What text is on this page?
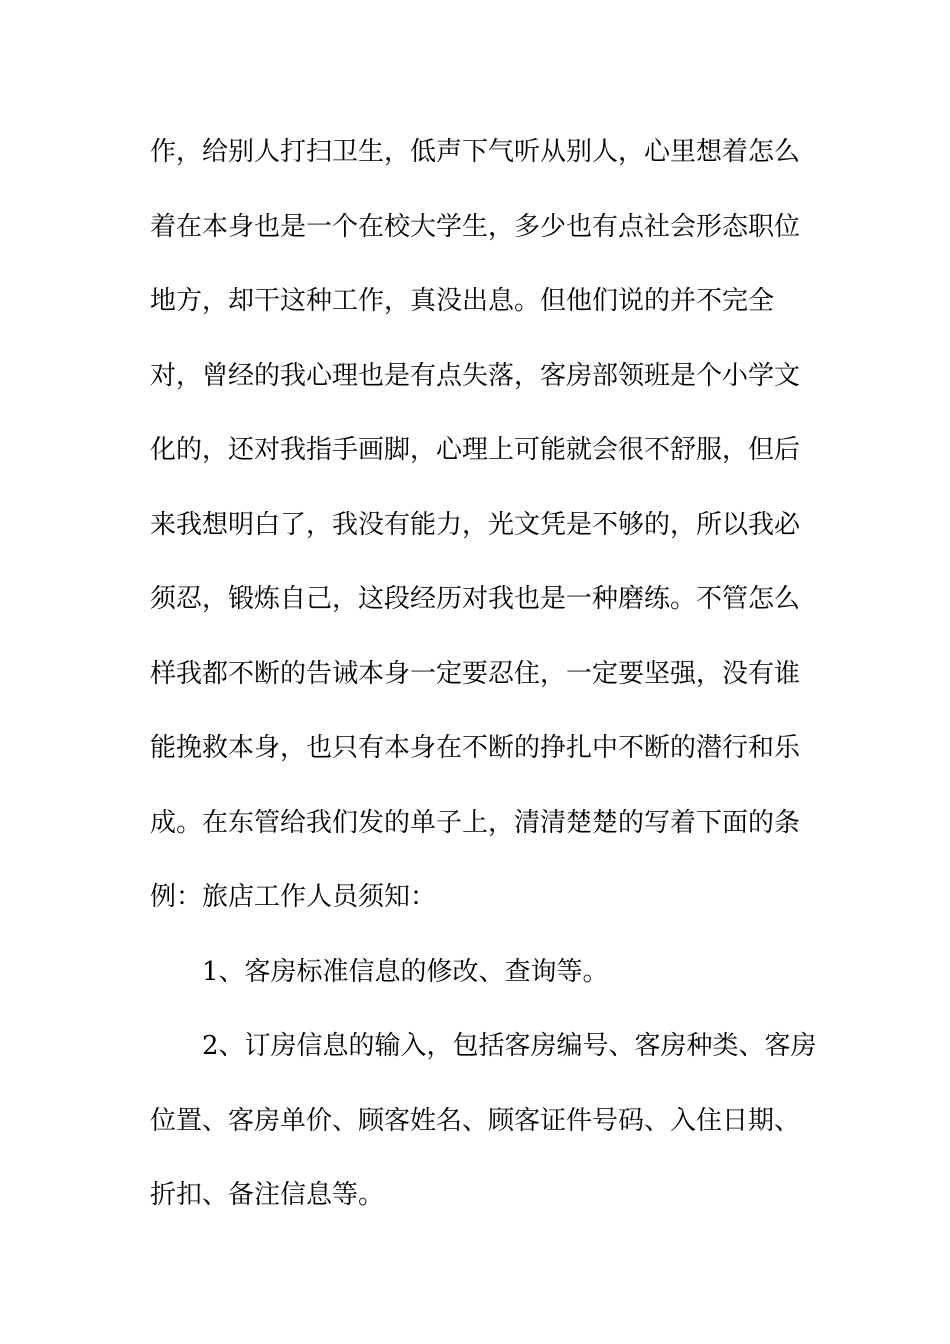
作，给别人打扫卫生，低声下气听从别人，心里想着怎么
着在本身也是一个在校大学生，多少也有点社会形态职位
地方，却干这种工作，真没出息。但他们说的并不完全
对，曾经的我心理也是有点失落，客房部领班是个小学文
化的，还对我指手画脚，心理上可能就会很不舒服，但后
来我想明白了，我没有能力，光文凭是不够的，所以我必
须忍，锻炼自己，这段经历对我也是一种磨练。不管怎么
样我都不断的告诫本身一定要忍住，一定要坚强，没有谁
能挽救本身，也只有本身在不断的挣扎中不断的潜行和乐
成。在东管给我们发的单子上，清清楚楚的写着下面的条
例：旅店工作人员须知：
1、客房标准信息的修改、查询等。
2、订房信息的输入，包括客房编号、客房种类、客房
位置、客房单价、顾客姓名、顾客证件号码、入住日期、
折扣、备注信息等。
